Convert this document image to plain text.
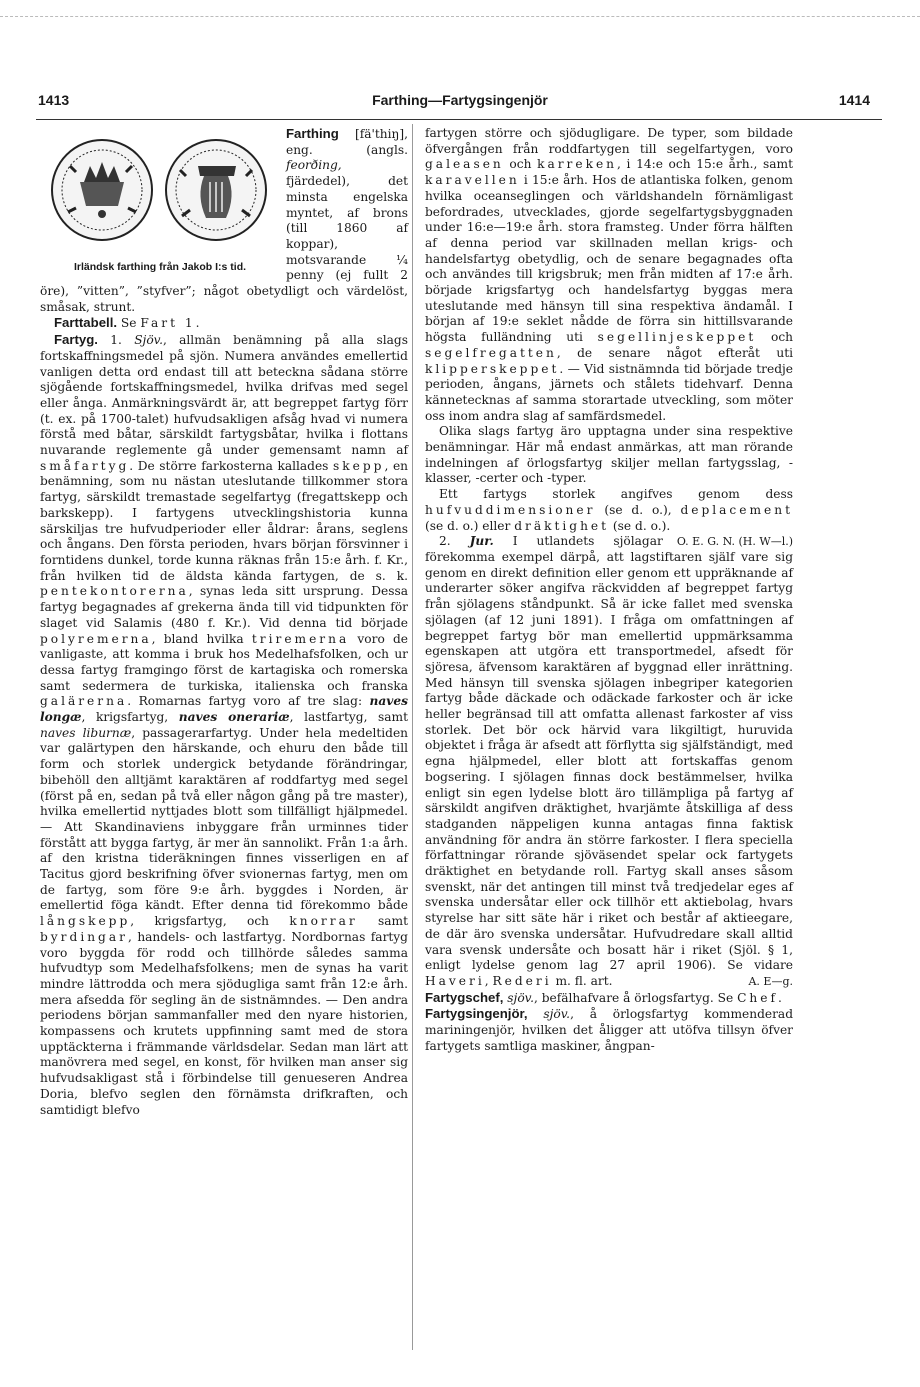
1413	Farthing—Fartygsingenjör	1414
Irländsk farthing från Jakob I:s tid.

Farthing [fä'thiŋ], eng. (angls. feorðing, fjärdedel), det minsta engelska myntet, af brons (till 1860 af koppar), motsvarande ¼ penny (ej fullt 2 öre), ”vitten”, ”styfver”; något obetydligt och värdelöst, småsak, strunt.

Farttabell. Se Fart 1.

Fartyg. 1. Sjöv., allmän benämning på alla slags fortskaffningsmedel på sjön. Numera användes emellertid vanligen detta ord endast till att beteckna sådana större sjögående fortskaffningsmedel, hvilka drifvas med segel eller ånga. Anmärkningsvärdt är, att begreppet fartyg förr (t. ex. på 1700-talet) hufvudsakligen afsåg hvad vi numera förstå med båtar, särskildt fartygsbåtar, hvilka i flottans nuvarande reglemente gå under gemensamt namn af småfartyg. De större farkosterna kallades skepp, en benämning, som nu nästan uteslutande tillkommer stora fartyg, särskildt tremastade segelfartyg (fregattskepp och barkskepp). I fartygens utvecklingshistoria kunna särskiljas tre hufvudperioder eller åldrar: årans, seglens och ångans. Den första perioden, hvars början försvinner i forntidens dunkel, torde kunna räknas från 15:e årh. f. Kr., från hvilken tid de äldsta kända fartygen, de s. k. pentekontorerna, synas leda sitt ursprung. Dessa fartyg begagnades af grekerna ända till vid tidpunkten för slaget vid Salamis (480 f. Kr.). Vid denna tid började polyremerna, bland hvilka triremerna voro de vanligaste, att komma i bruk hos Medelhafsfolken, och ur dessa fartyg framgingo först de kartagiska och romerska samt sedermera de turkiska, italienska och franska galärerna. Romarnas fartyg voro af tre slag: naves longæ, krigsfartyg, naves onerariæ, lastfartyg, samt naves liburnæ, passagerarfartyg. Under hela medeltiden var galärtypen den härskande, och ehuru den både till form och storlek undergick betydande förändringar, bibehöll den alltjämt karaktären af roddfartyg med segel (först på en, sedan på två eller någon gång på tre master), hvilka emellertid nyttjades blott som tillfälligt hjälpmedel. — Att Skandinaviens inbyggare från urminnes tider förstått att bygga fartyg, är mer än sannolikt. Från 1:a årh. af den kristna tideräkningen finnes visserligen en af Tacitus gjord beskrifning öfver svionernas fartyg, men om de fartyg, som före 9:e årh. byggdes i Norden, är emellertid föga kändt. Efter denna tid förekommo både långskepp, krigsfartyg, och knorrar samt byrdingar, handels- och lastfartyg. Nordbornas fartyg voro byggda för rodd och tillhörde således samma hufvudtyp som Medelhafsfolkens; men de synas ha varit mindre lättrodda och mera sjödugliga samt från 12:e årh. mera afsedda för segling än de sistnämndes. — Den andra periodens början sammanfaller med den nyare historien, kompassens och krutets uppfinning samt med de stora upptäckterna i främmande världsdelar. Sedan man lärt att manövrera med segel, en konst, för hvilken man anser sig hufvudsakligast stå i förbindelse till genueseren Andrea Doria, blefvo seglen den förnämsta drifkraften, och samtidigt blefvo

fartygen större och sjödugligare. De typer, som bildade öfvergången från roddfartygen till segelfartygen, voro galeasen och karreken, i 14:e och 15:e årh., samt karavellen i 15:e årh. Hos de atlantiska folken, genom hvilka oceanseglingen och världshandeln förnämligast befordrades, utvecklades, gjorde segelfartygsbyggnaden under 16:e—19:e årh. stora framsteg. Under förra hälften af denna period var skillnaden mellan krigs- och handelsfartyg obetydlig, och de senare begagnades ofta och användes till krigsbruk; men från midten af 17:e årh. började krigsfartyg och handelsfartyg byggas mera uteslutande med hänsyn till sina respektiva ändamål. I början af 19:e seklet nådde de förra sin hittillsvarande högsta fulländning uti segellinjeskeppet och segelfregatten, de senare något efteråt uti klipperskeppet. — Vid sistnämnda tid började tredje perioden, ångans, järnets och stålets tidehvarf. Denna kännetecknas af samma storartade utveckling, som möter oss inom andra slag af samfärdsmedel.

Olika slags fartyg äro upptagna under sina respektive benämningar. Här må endast anmärkas, att man rörande indelningen af örlogsfartyg skiljer mellan fartygsslag, -klasser, -certer och -typer.

Ett fartygs storlek angifves genom dess hufvuddimensioner (se d. o.), deplacement (se d. o.) eller dräktighet (se d. o.).
O. E. G. N. (H. W—l.)

2. Jur. I utlandets sjölagar förekomma exempel därpå, att lagstiftaren själf vare sig genom en direkt definition eller genom ett uppräknande af underarter söker angifva räckvidden af begreppet fartyg från sjölagens ståndpunkt. Så är icke fallet med svenska sjölagen (af 12 juni 1891). I fråga om omfattningen af begreppet fartyg bör man emellertid uppmärksamma egenskapen att utgöra ett transportmedel, afsedt för sjöresa, äfvensom karaktären af byggnad eller inrättning. Med hänsyn till svenska sjölagen inbegriper kategorien fartyg både däckade och odäckade farkoster och är icke heller begränsad till att omfatta allenast farkoster af viss storlek. Det bör ock härvid vara likgiltigt, huruvida objektet i fråga är afsedt att förflytta sig själfständigt, med egna hjälpmedel, eller blott att fortskaffas genom bogsering. I sjölagen finnas dock bestämmelser, hvilka enligt sin egen lydelse blott äro tillämpliga på fartyg af särskildt angifven dräktighet, hvarjämte åtskilliga af dess stadganden näppeligen kunna antagas finna faktisk användning för andra än större farkoster. I flera speciella författningar rörande sjöväsendet spelar ock fartygets dräktighet en betydande roll. Fartyg skall anses såsom svenskt, när det antingen till minst två tredjedelar eges af svenska undersåtar eller ock tillhör ett aktiebolag, hvars styrelse har sitt säte här i riket och består af aktieegare, de där äro svenska undersåtar. Hufvudredare skall alltid vara svensk undersåte och bosatt här i riket (Sjöl. § 1, enligt lydelse genom lag 27 april 1906). Se vidare Haveri, Rederi m. fl. art.	A. E—g.

Fartygschef, sjöv., befälhafvare å örlogsfartyg. Se Chef.

Fartygsingenjör, sjöv., å örlogsfartyg kommenderad mariningenjör, hvilken det åligger att utöfva tillsyn öfver fartygets samtliga maskiner, ångpan-
